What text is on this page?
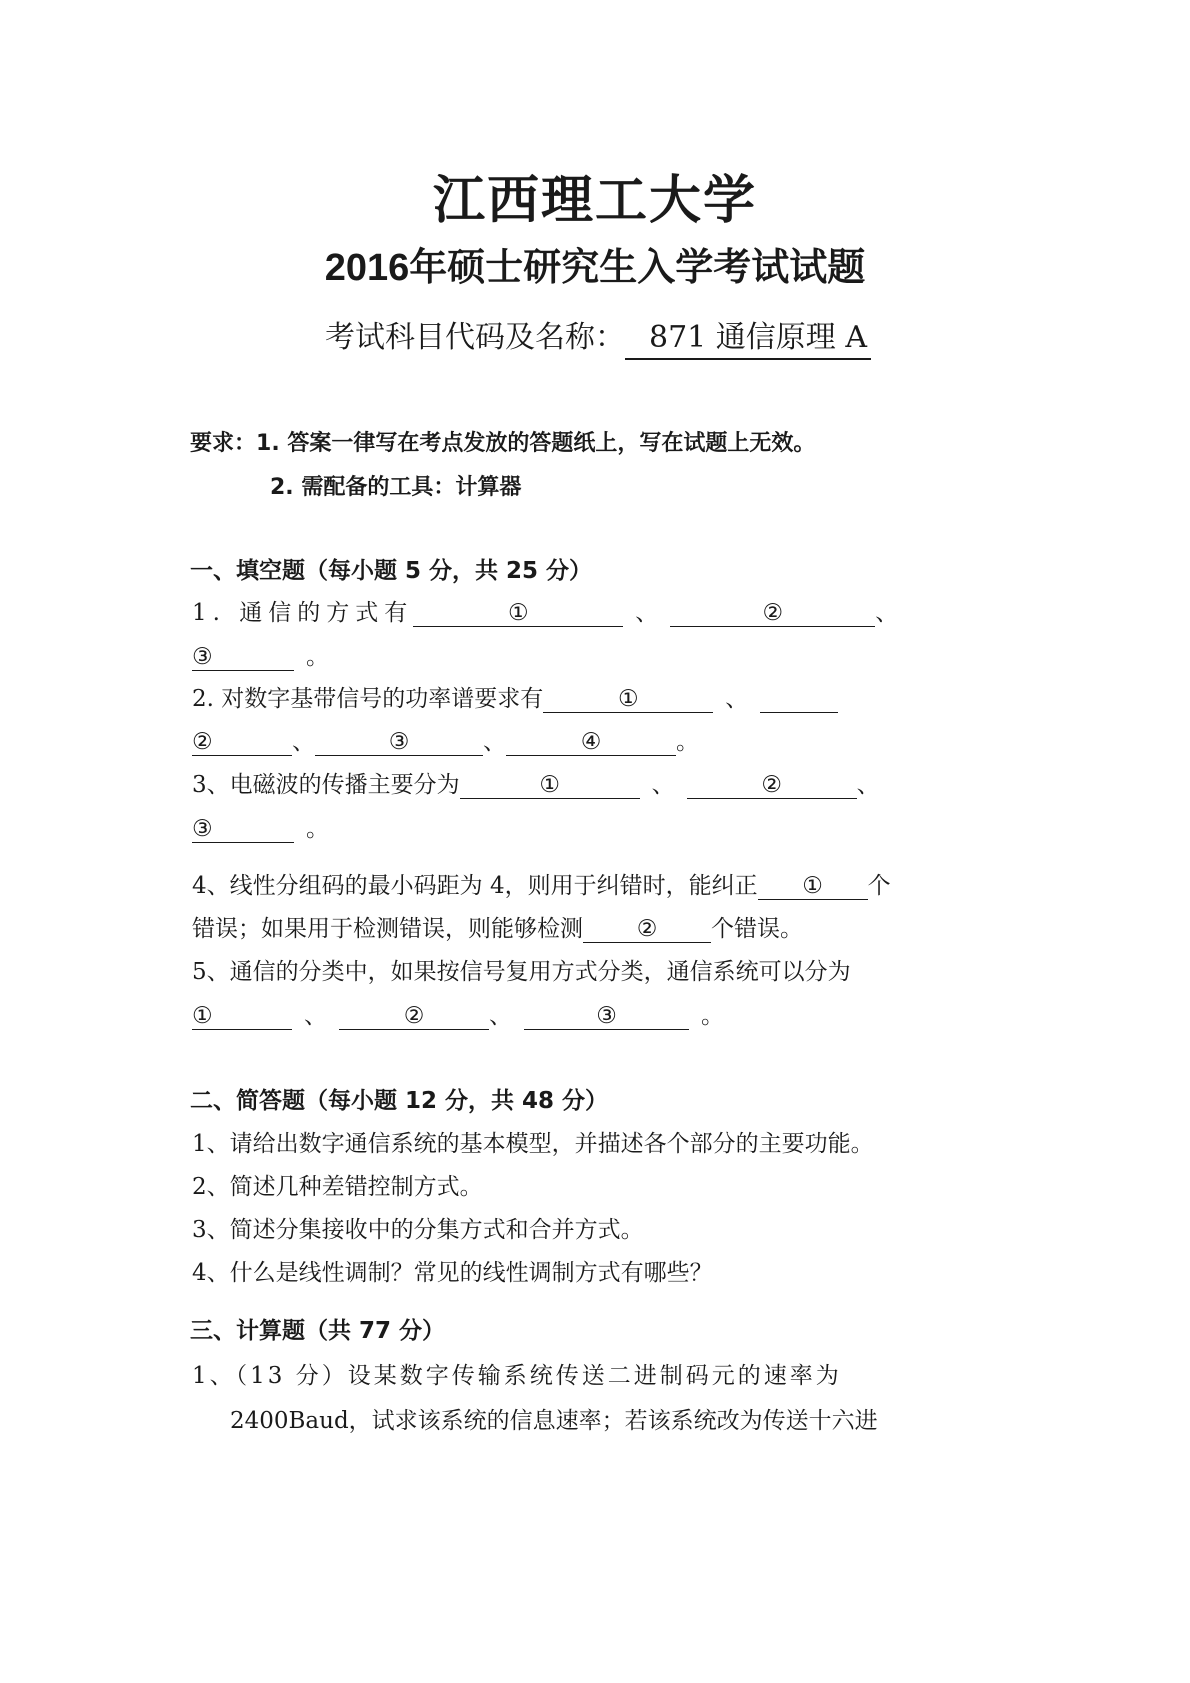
江西理工大学
2016年硕士研究生入学考试试题
考试科目代码及名称： 871 通信原理 A
要求：1. 答案一律写在考点发放的答题纸上，写在试题上无效。
2. 需配备的工具：计算器
一、填空题（每小题 5 分，共 25 分）
1. 通信的方式有	①	、	②	、
③	。
2. 对数字基带信号的功率谱要求有	①	、
②	、	③	、	④	。
3、电磁波的传播主要分为	①	、	②	、
③	。
4、线性分组码的最小码距为 4，则用于纠错时，能纠正 ① 个
错误；如果用于检测错误，则能够检测 ② 个错误。
5、通信的分类中，如果按信号复用方式分类，通信系统可以分为
①	、	②	、	③	。
二、简答题（每小题 12 分，共 48 分）
1、请给出数字通信系统的基本模型，并描述各个部分的主要功能。
2、简述几种差错控制方式。
3、简述分集接收中的分集方式和合并方式。
4、什么是线性调制？常见的线性调制方式有哪些？
三、计算题（共 77 分）
1、（13 分）设某数字传输系统传送二进制码元的速率为
2400Baud，试求该系统的信息速率；若该系统改为传送十六进
